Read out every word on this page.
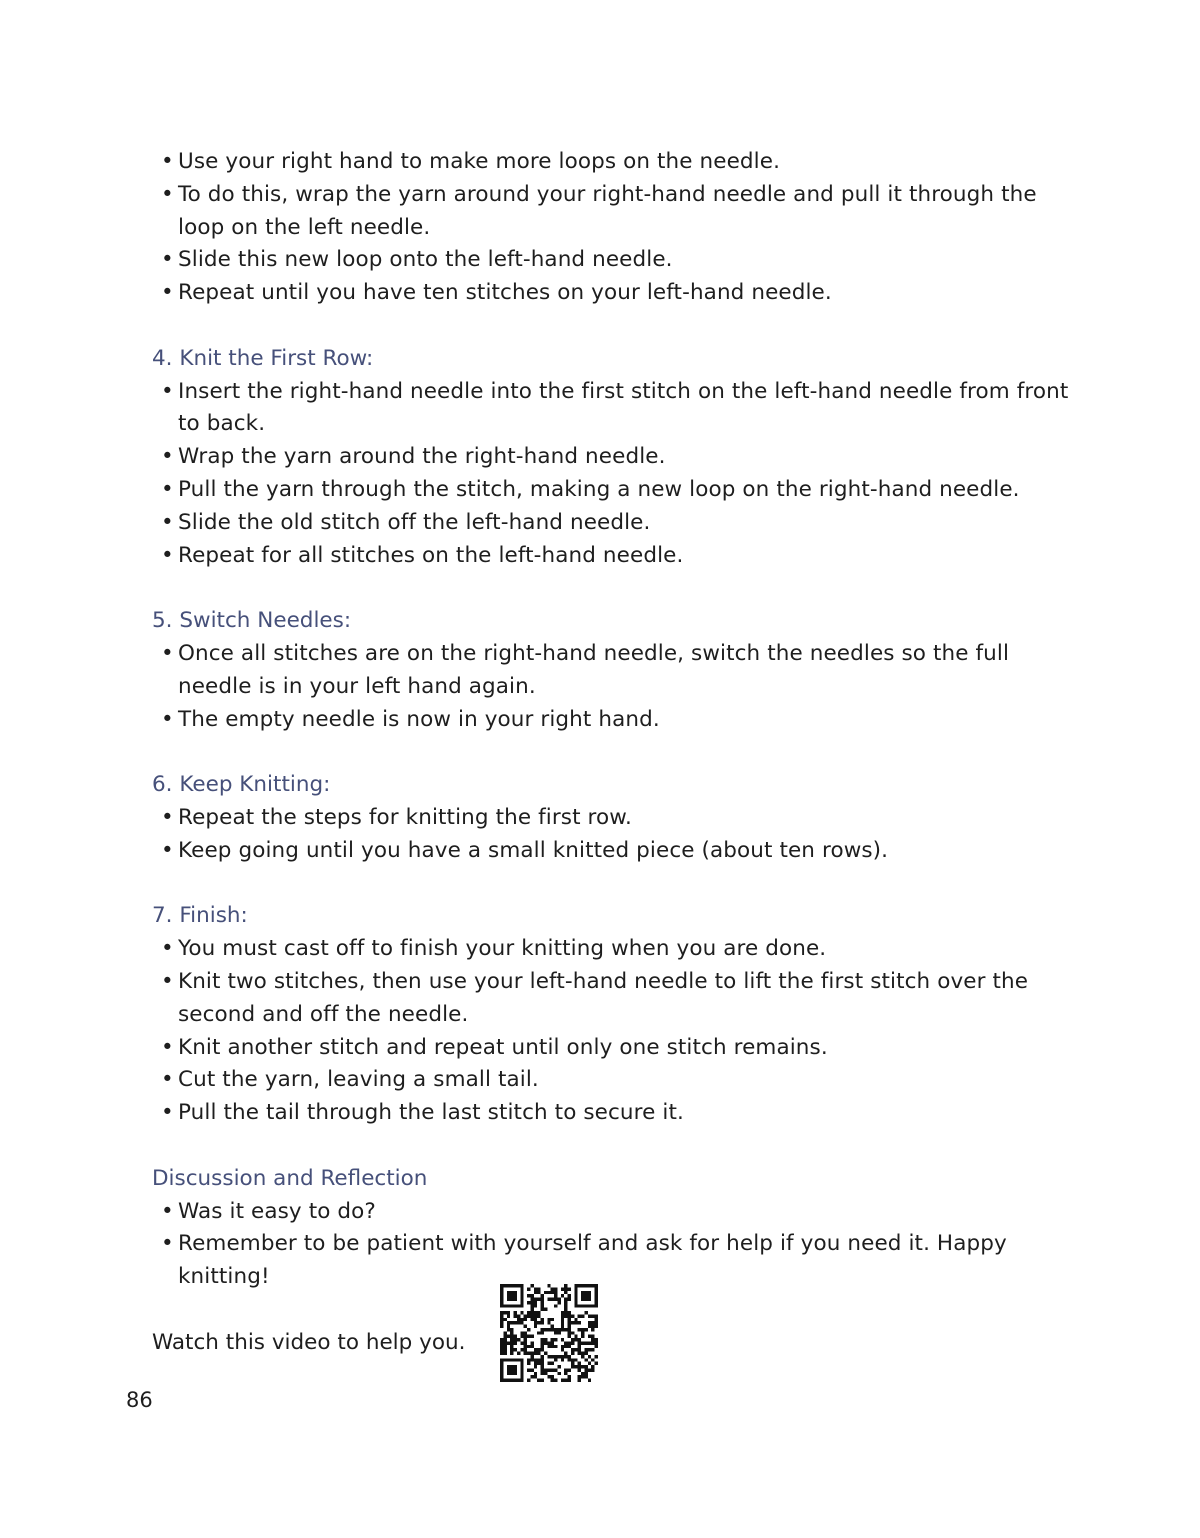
• Use your right hand to make more loops on the needle.
• To do this, wrap the yarn around your right-hand needle and pull it through the loop on the left needle.
• Slide this new loop onto the left-hand needle.
• Repeat until you have ten stitches on your left-hand needle.
4. Knit the First Row:
• Insert the right-hand needle into the first stitch on the left-hand needle from front to back.
• Wrap the yarn around the right-hand needle.
• Pull the yarn through the stitch, making a new loop on the right-hand needle.
• Slide the old stitch off the left-hand needle.
• Repeat for all stitches on the left-hand needle.
5. Switch Needles:
• Once all stitches are on the right-hand needle, switch the needles so the full needle is in your left hand again.
• The empty needle is now in your right hand.
6. Keep Knitting:
• Repeat the steps for knitting the first row.
• Keep going until you have a small knitted piece (about ten rows).
7. Finish:
• You must cast off to finish your knitting when you are done.
• Knit two stitches, then use your left-hand needle to lift the first stitch over the second and off the needle.
• Knit another stitch and repeat until only one stitch remains.
• Cut the yarn, leaving a small tail.
• Pull the tail through the last stitch to secure it.
Discussion and Reflection
• Was it easy to do?
• Remember to be patient with yourself and ask for help if you need it. Happy knitting!
Watch this video to help you.
86
